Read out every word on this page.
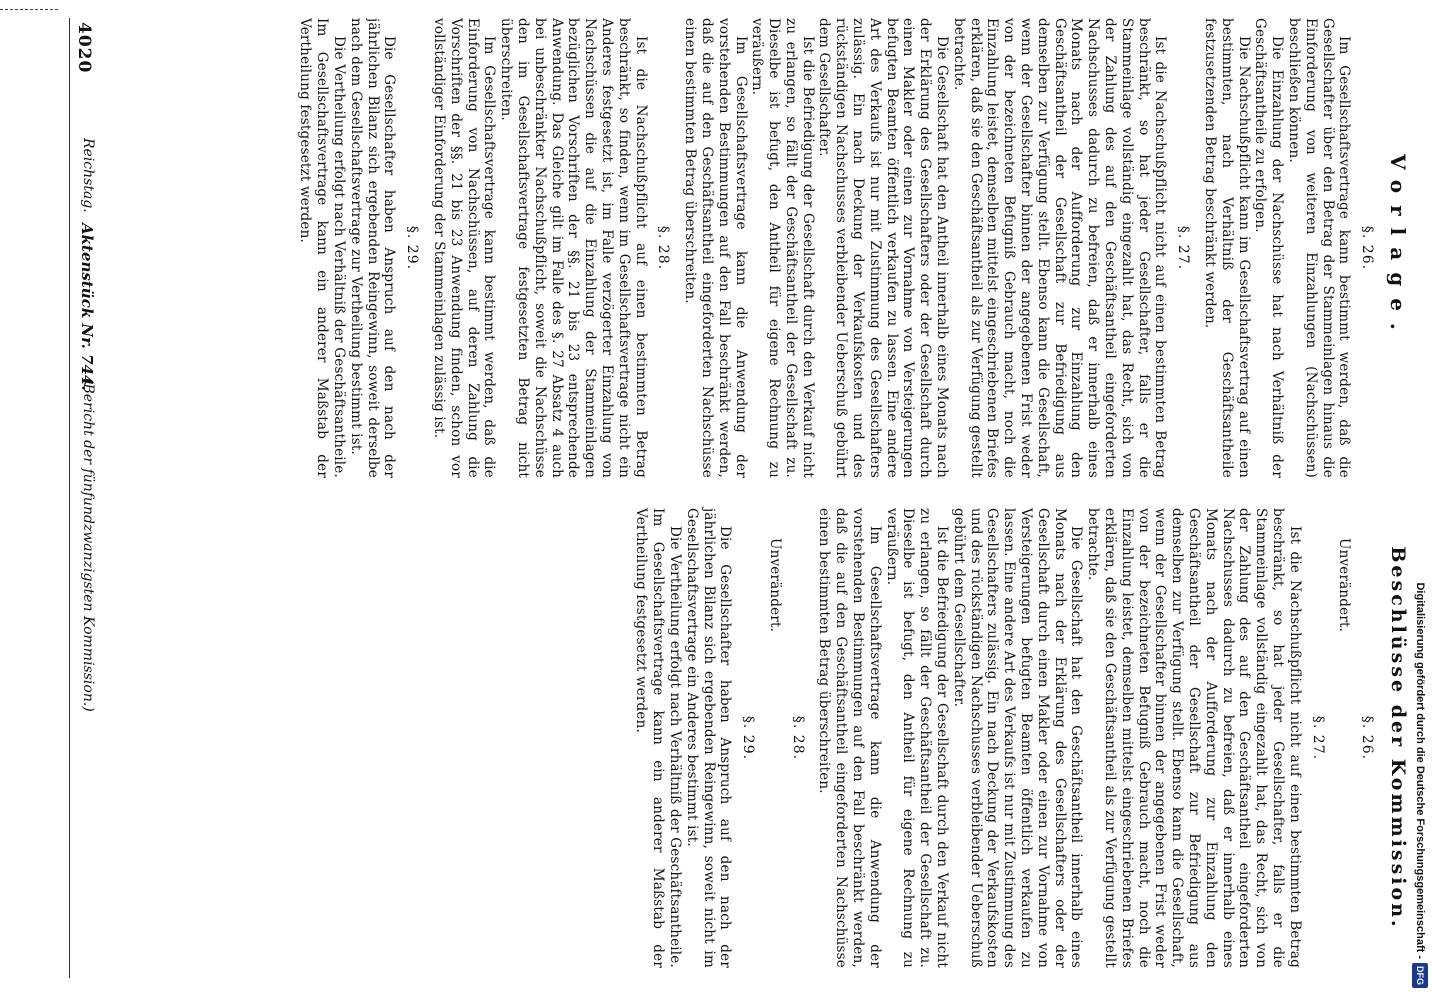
4020
Reichstag.
Aktenstück Nr. 744.
(Bericht der fünfundzwanzigsten Kommission.)
Vorlage.
§. 26.

Im Gesellschaftsvertrage kann bestimmt werden, daß die Gesellschafter über den Betrag der Stammeinlagen hinaus die Einforderung von weiteren Einzahlungen (Nachschüssen) beschließen können.

Die Einzahlung der Nachschüsse hat nach Verhältniß der Geschäftsantheile zu erfolgen.

Die Nachschußpflicht kann im Gesellschaftsvertrag auf einen bestimmten, nach Verhältniß der Geschäftsantheile festzusetzenden Betrag beschränkt werden.

§. 27.

Ist die Nachschußpflicht nicht auf einen bestimmten Betrag beschränkt, so hat jeder Gesellschafter, falls er die Stammeinlage vollständig eingezahlt hat, das Recht, sich von der Zahlung des auf den Geschäftsantheil eingeforderten Nachschusses dadurch zu befreien, daß er innerhalb eines Monats nach der Aufforderung zur Einzahlung den Geschäftsantheil der Gesellschaft zur Befriedigung aus demselben zur Verfügung stellt. Ebenso kann die Gesellschaft, wenn der Gesellschafter binnen der angegebenen Frist weder von der bezeichneten Befugniß Gebrauch macht, noch die Einzahlung leistet, demselben mittelst eingeschriebenen Briefes erklären, daß sie den Geschäftsantheil als zur Verfügung gestellt betrachte.

Die Gesellschaft hat den Antheil innerhalb eines Monats nach der Erklärung des Gesellschafters oder der Gesellschaft durch einen Makler oder einen zur Vornahme von Versteigerungen befugten Beamten öffentlich verkaufen zu lassen. Eine andere Art des Verkaufs ist nur mit Zustimmung des Gesellschafters zulässig. Ein nach Deckung der Verkaufskosten und des rückständigen Nachschusses verbleibender Ueberschuß gebührt dem Gesellschafter.

Ist die Befriedigung der Gesellschaft durch den Verkauf nicht zu erlangen, so fällt der Geschäftsantheil der Gesellschaft zu. Dieselbe ist befugt, den Antheil für eigene Rechnung zu veräußern.

Im Gesellschaftsvertrage kann die Anwendung der vorstehenden Bestimmungen auf den Fall beschränkt werden, daß die auf den Geschäftsantheil eingeforderten Nachschüsse einen bestimmten Betrag überschreiten.

§. 28.

Ist die Nachschußpflicht auf einen bestimmten Betrag beschränkt, so finden, wenn im Gesellschaftsvertrage nicht ein Anderes festgesetzt ist, im Falle verzögerter Einzahlung von Nachschüssen die auf die Einzahlung der Stammeinlagen bezüglichen Vorschriften der §§. 21 bis 23 entsprechende Anwendung. Das Gleiche gilt im Falle des §. 27 Absatz 4 auch bei unbeschränkter Nachschußpflicht, soweit die Nachschüsse den im Gesellschaftsvertrage festgesetzten Betrag nicht überschreiten.

Im Gesellschaftsvertrage kann bestimmt werden, daß die Einforderung von Nachschüssen, auf deren Zahlung die Vorschriften der §§. 21 bis 23 Anwendung finden, schon vor vollständiger Einforderung der Stammeinlagen zulässig ist.

§. 29.

Die Gesellschafter haben Anspruch auf den nach der jährlichen Bilanz sich ergebenden Reingewinn, soweit derselbe nach dem Gesellschaftsvertrage zur Vertheilung bestimmt ist.

Die Vertheilung erfolgt nach Verhältniß der Geschäftsantheile. Im Gesellschaftsvertrage kann ein anderer Maßstab der Vertheilung festgesetzt werden.

Beschlüsse der Kommission.
§. 26.
Unverändert.
§. 27.

Ist die Nachschußpflicht nicht auf einen bestimmten Betrag beschränkt, so hat jeder Gesellschafter, falls er die Stammeinlage vollständig eingezahlt hat, das Recht, sich von der Zahlung des auf den Geschäftsantheil eingeforderten Nachschusses dadurch zu befreien, daß er innerhalb eines Monats nach der Aufforderung zur Einzahlung den Geschäftsantheil der Gesellschaft zur Befriedigung aus demselben zur Verfügung stellt. Ebenso kann die Gesellschaft, wenn der Gesellschafter binnen der angegebenen Frist weder von der bezeichneten Befugniß Gebrauch macht, noch die Einzahlung leistet, demselben mittelst eingeschriebenen Briefes erklären, daß sie den Geschäftsantheil als zur Verfügung gestellt betrachte.

Die Gesellschaft hat den Geschäftsantheil innerhalb eines Monats nach der Erklärung des Gesellschafters oder der Gesellschaft durch einen Makler oder einen zur Vornahme von Versteigerungen befugten Beamten öffentlich verkaufen zu lassen. Eine andere Art des Verkaufs ist nur mit Zustimmung des Gesellschafters zulässig. Ein nach Deckung der Verkaufskosten und des rückständigen Nachschusses verbleibender Ueberschuß gebührt dem Gesellschafter.

Ist die Befriedigung der Gesellschaft durch den Verkauf nicht zu erlangen, so fällt der Geschäftsantheil der Gesellschaft zu. Dieselbe ist befugt, den Antheil für eigene Rechnung zu veräußern.

Im Gesellschaftsvertrage kann die Anwendung der vorstehenden Bestimmungen auf den Fall beschränkt werden, daß die auf den Geschäftsantheil eingeforderten Nachschüsse einen bestimmten Betrag überschreiten.

§. 28.
Unverändert.
§. 29.

Die Gesellschafter haben Anspruch auf den nach der jährlichen Bilanz sich ergebenden Reingewinn, soweit nicht im Gesellschaftsvertrage ein Anderes bestimmt ist.

Die Vertheilung erfolgt nach Verhältniß der Geschäftsantheile. Im Gesellschaftsvertrage kann ein anderer Maßstab der Vertheilung festgesetzt werden.	Digitalisierung gefördert durch die Deutsche Forschungsgemeinschaft -DFG
